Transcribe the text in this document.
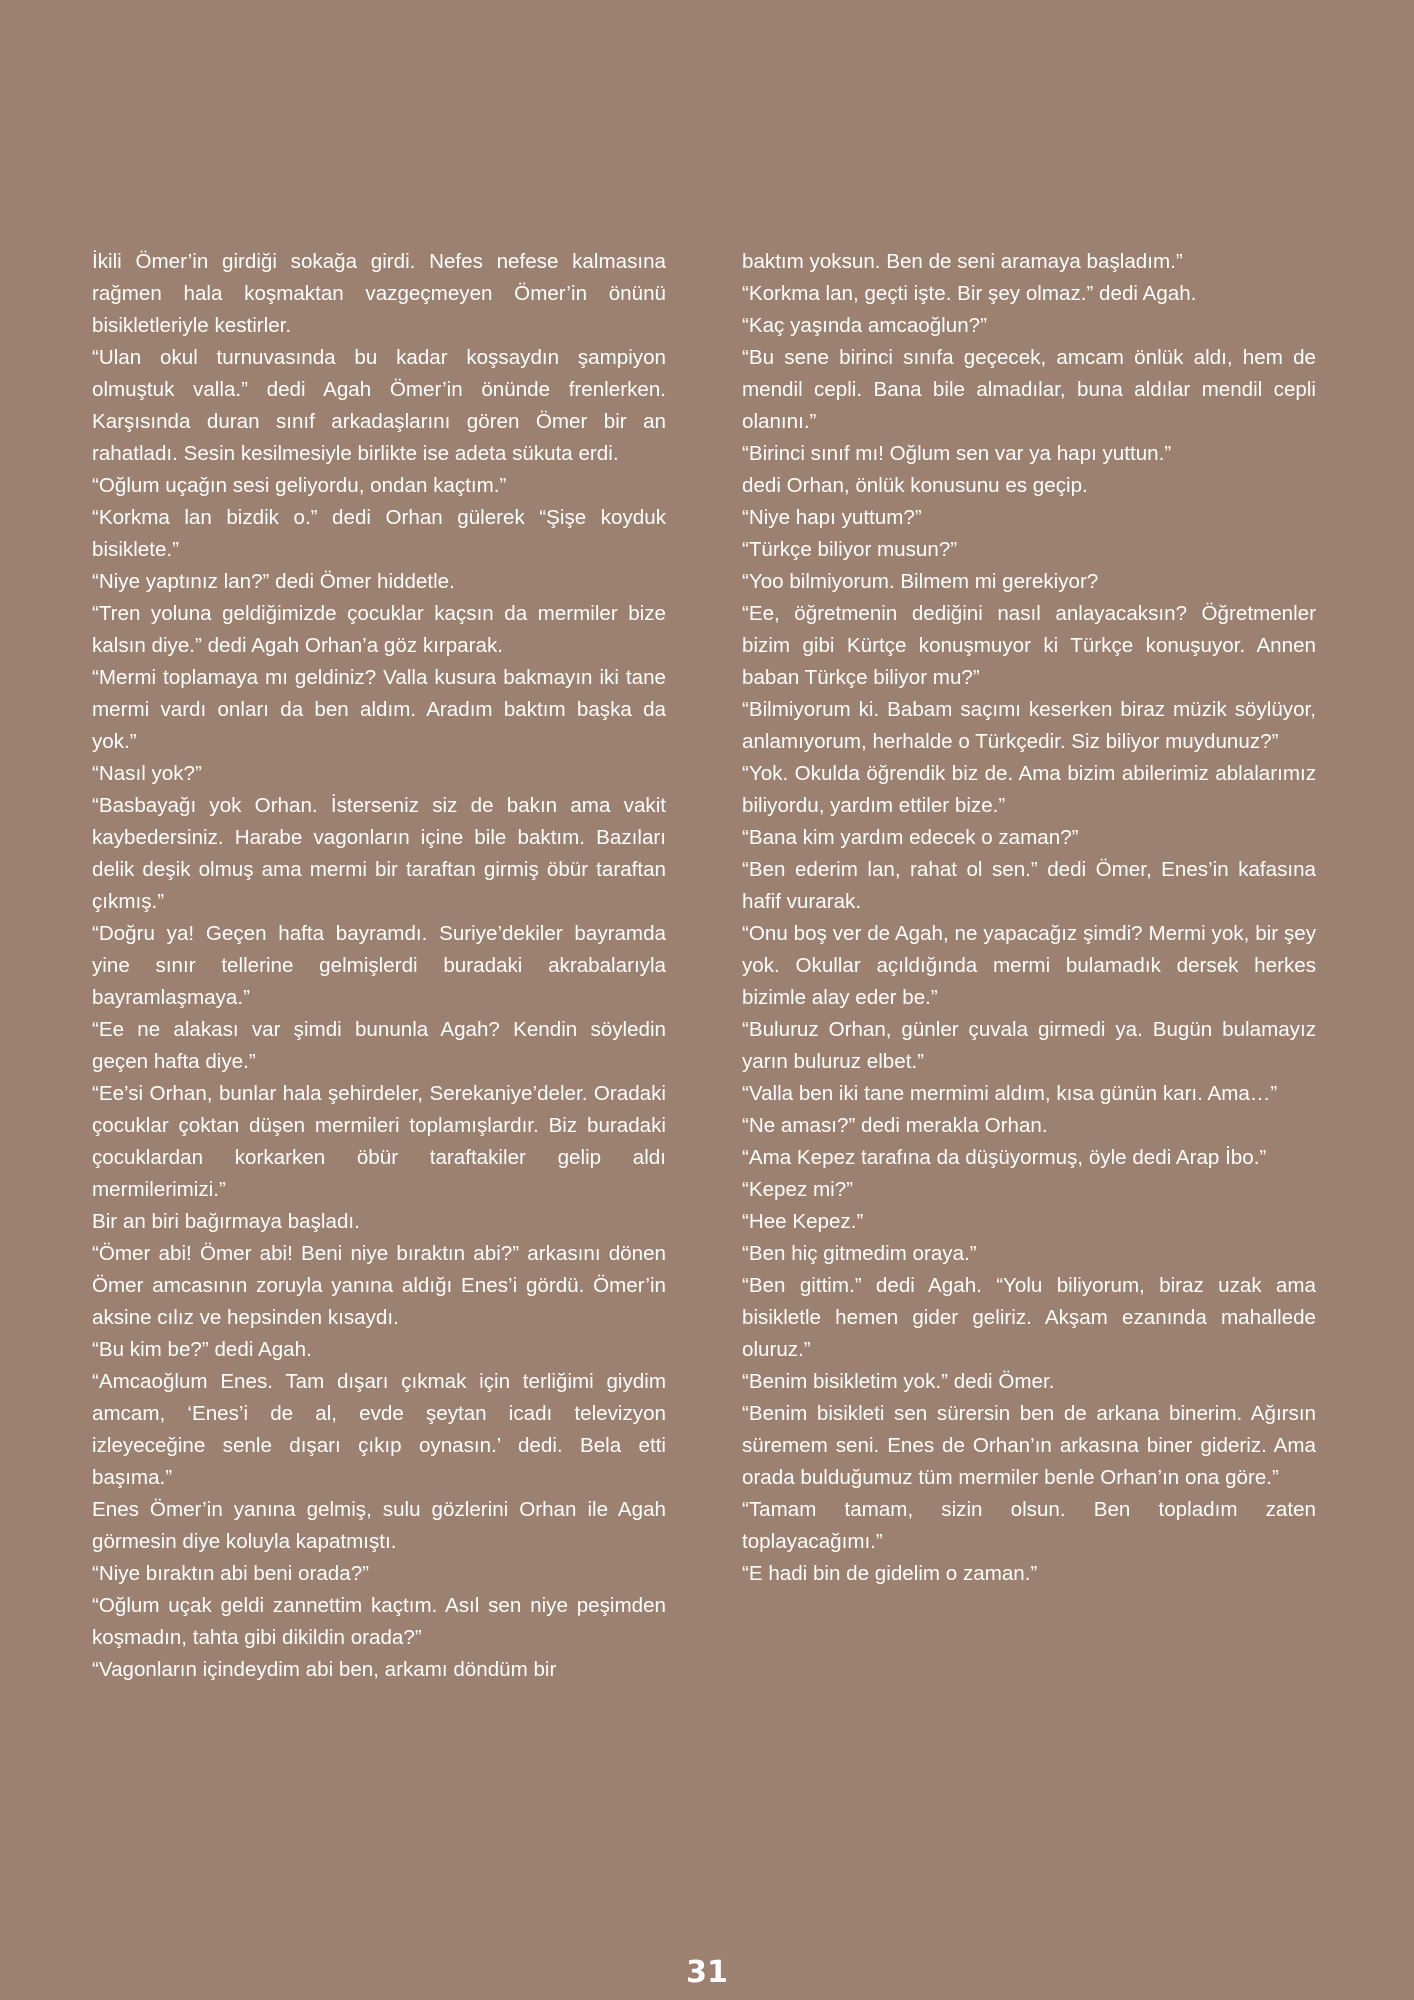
İkili Ömer’in girdiği sokağa girdi. Nefes nefese kalmasına rağmen hala koşmaktan vazgeçmeyen Ömer’in önünü bisikletleriyle kestirler.

“Ulan okul turnuvasında bu kadar koşsaydın şampiyon olmuştuk valla.” dedi Agah Ömer’in önünde frenlerken. Karşısında duran sınıf arkadaşlarını gören Ömer bir an rahatladı. Sesin kesilmesiyle birlikte ise adeta sükuta erdi.

“Oğlum uçağın sesi geliyordu, ondan kaçtım.”

“Korkma lan bizdik o.” dedi Orhan gülerek “Şişe koyduk bisiklete.”

“Niye yaptınız lan?” dedi Ömer hiddetle.

“Tren yoluna geldiğimizde çocuklar kaçsın da mermiler bize kalsın diye.” dedi Agah Orhan’a göz kırparak.

“Mermi toplamaya mı geldiniz? Valla kusura bakmayın iki tane mermi vardı onları da ben aldım. Aradım baktım başka da yok.”

“Nasıl yok?”

“Basbayağı yok Orhan. İsterseniz siz de bakın ama vakit kaybedersiniz. Harabe vagonların içine bile baktım. Bazıları delik deşik olmuş ama mermi bir taraftan girmiş öbür taraftan çıkmış.”

“Doğru ya! Geçen hafta bayramdı. Suriye’dekiler bayramda yine sınır tellerine gelmişlerdi buradaki akrabalarıyla bayramlaşmaya.”

“Ee ne alakası var şimdi bununla Agah? Kendin söyledin geçen hafta diye.”

“Ee’si Orhan, bunlar hala şehirdeler, Serekaniye’deler. Oradaki çocuklar çoktan düşen mermileri toplamışlardır. Biz buradaki çocuklardan korkarken öbür taraftakiler gelip aldı mermilerimizi.”

Bir an biri bağırmaya başladı.

“Ömer abi! Ömer abi! Beni niye bıraktın abi?” arkasını dönen Ömer amcasının zoruyla yanına aldığı Enes’i gördü. Ömer’in aksine cılız ve hepsinden kısaydı.

“Bu kim be?” dedi Agah.

“Amcaoğlum Enes. Tam dışarı çıkmak için terliğimi giydim amcam, ‘Enes’i de al, evde şeytan icadı televizyon izleyeceğine senle dışarı çıkıp oynasın.’ dedi. Bela etti başıma.”

Enes Ömer’in yanına gelmiş, sulu gözlerini Orhan ile Agah görmesin diye koluyla kapatmıştı.

“Niye bıraktın abi beni orada?”

“Oğlum uçak geldi zannettim kaçtım. Asıl sen niye peşimden koşmadın, tahta gibi dikildin orada?”

“Vagonların içindeydim abi ben, arkamı döndüm bir

baktım yoksun. Ben de seni aramaya başladım.”

“Korkma lan, geçti işte. Bir şey olmaz.” dedi Agah.

“Kaç yaşında amcaoğlun?”

“Bu sene birinci sınıfa geçecek, amcam önlük aldı, hem de mendil cepli. Bana bile almadılar, buna aldılar mendil cepli olanını.”

“Birinci sınıf mı! Oğlum sen var ya hapı yuttun.”

dedi Orhan, önlük konusunu es geçip.

“Niye hapı yuttum?”

“Türkçe biliyor musun?”

“Yoo bilmiyorum. Bilmem mi gerekiyor?

“Ee, öğretmenin dediğini nasıl anlayacaksın? Öğretmenler bizim gibi Kürtçe konuşmuyor ki Türkçe konuşuyor. Annen baban Türkçe biliyor mu?”

“Bilmiyorum ki. Babam saçımı keserken biraz müzik söylüyor, anlamıyorum, herhalde o Türkçedir. Siz biliyor muydunuz?”

“Yok. Okulda öğrendik biz de. Ama bizim abilerimiz ablalarımız biliyordu, yardım ettiler bize.”

“Bana kim yardım edecek o zaman?”

“Ben ederim lan, rahat ol sen.” dedi Ömer, Enes’in kafasına hafif vurarak.

“Onu boş ver de Agah, ne yapacağız şimdi? Mermi yok, bir şey yok. Okullar açıldığında mermi bulamadık dersek herkes bizimle alay eder be.”

“Buluruz Orhan, günler çuvala girmedi ya. Bugün bulamayız yarın buluruz elbet.”

“Valla ben iki tane mermimi aldım, kısa günün karı. Ama…”

“Ne aması?” dedi merakla Orhan.

“Ama Kepez tarafına da düşüyormuş, öyle dedi Arap İbo.”

“Kepez mi?”

“Hee Kepez.”

“Ben hiç gitmedim oraya.”

“Ben gittim.” dedi Agah. “Yolu biliyorum, biraz uzak ama bisikletle hemen gider geliriz. Akşam ezanında mahallede oluruz.”

“Benim bisikletim yok.” dedi Ömer.

“Benim bisikleti sen sürersin ben de arkana binerim. Ağırsın süremem seni. Enes de Orhan’ın arkasına biner gideriz. Ama orada bulduğumuz tüm mermiler benle Orhan’ın ona göre.”

“Tamam tamam, sizin olsun. Ben topladım zaten toplayacağımı.”

“E hadi bin de gidelim o zaman.”

31
